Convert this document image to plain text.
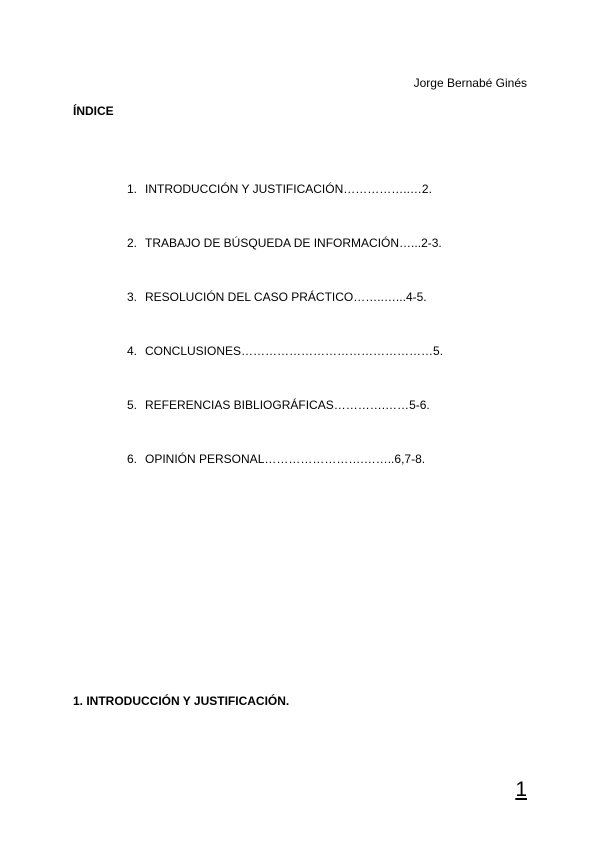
Jorge Bernabé Ginés
ÍNDICE
1. INTRODUCCIÓN Y JUSTIFICACIÓN ……………..… 2.
2. TRABAJO DE BÚSQUEDA DE INFORMACIÓN …... 2-3.
3. RESOLUCIÓN DEL CASO PRÁCTICO ……..…... 4-5.
4. CONCLUSIONES ………………………………………… 5.
5. REFERENCIAS BIBLIOGRÁFICAS ………….…… 5-6.
6. OPINIÓN PERSONAL …………………….…….. 6,7-8.
1. INTRODUCCIÓN Y JUSTIFICACIÓN.
1
